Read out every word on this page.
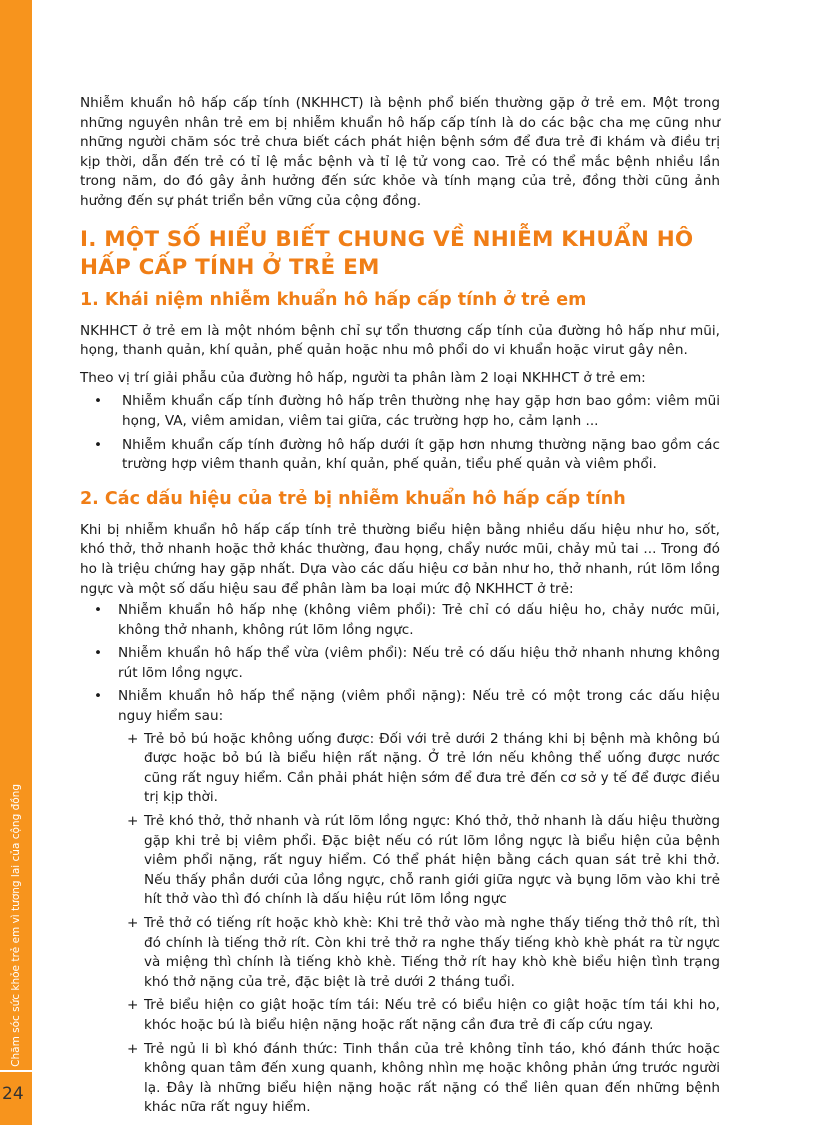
Chăm sóc sức khỏe trẻ em vì tương lai của cộng đồng
24

Nhiễm khuẩn hô hấp cấp tính (NKHHCT) là bệnh phổ biến thường gặp ở trẻ em. Một trong những nguyên nhân trẻ em bị nhiễm khuẩn hô hấp cấp tính là do các bậc cha mẹ cũng như những người chăm sóc trẻ chưa biết cách phát hiện bệnh sớm để đưa trẻ đi khám và điều trị kịp thời, dẫn đến trẻ có tỉ lệ mắc bệnh và tỉ lệ tử vong cao. Trẻ có thể mắc bệnh nhiều lần trong năm, do đó gây ảnh hưởng đến sức khỏe và tính mạng của trẻ, đồng thời cũng ảnh hưởng đến sự phát triển bền vững của cộng đồng.

I. MỘT SỐ HIỂU BIẾT CHUNG VỀ NHIỄM KHUẨN HÔ HẤP CẤP TÍNH Ở TRẺ EM
1. Khái niệm nhiễm khuẩn hô hấp cấp tính ở trẻ em

NKHHCT ở trẻ em là một nhóm bệnh chỉ sự tổn thương cấp tính của đường hô hấp như mũi, họng, thanh quản, khí quản, phế quản hoặc nhu mô phổi do vi khuẩn hoặc virut gây nên.

Theo vị trí giải phẫu của đường hô hấp, người ta phân làm 2 loại NKHHCT ở trẻ em:

• Nhiễm khuẩn cấp tính đường hô hấp trên thường nhẹ hay gặp hơn bao gồm: viêm mũi họng, VA, viêm amidan, viêm tai giữa, các trường hợp ho, cảm lạnh ...
• Nhiễm khuẩn cấp tính đường hô hấp dưới ít gặp hơn nhưng thường nặng bao gồm các trường hợp viêm thanh quản, khí quản, phế quản, tiểu phế quản và viêm phổi.
2. Các dấu hiệu của trẻ bị nhiễm khuẩn hô hấp cấp tính

Khi bị nhiễm khuẩn hô hấp cấp tính trẻ thường biểu hiện bằng nhiều dấu hiệu như ho, sốt, khó thở, thở nhanh hoặc thở khác thường, đau họng, chẩy nước mũi, chảy mủ tai ... Trong đó ho là triệu chứng hay gặp nhất. Dựa vào các dấu hiệu cơ bản như ho, thở nhanh, rút lõm lồng ngực và một số dấu hiệu sau để phân làm ba loại mức độ NKHHCT ở trẻ:

• Nhiễm khuẩn hô hấp nhẹ (không viêm phổi): Trẻ chỉ có dấu hiệu ho, chảy nước mũi, không thở nhanh, không rút lõm lồng ngực.
• Nhiễm khuẩn hô hấp thể vừa (viêm phổi): Nếu trẻ có dấu hiệu thở nhanh nhưng không rút lõm lồng ngực.
• Nhiễm khuẩn hô hấp thể nặng (viêm phổi nặng): Nếu trẻ có một trong các dấu hiệu nguy hiểm sau:
+ Trẻ bỏ bú hoặc không uống được: Đối với trẻ dưới 2 tháng khi bị bệnh mà không bú được hoặc bỏ bú là biểu hiện rất nặng. Ở trẻ lớn nếu không thể uống được nước cũng rất nguy hiểm. Cần phải phát hiện sớm để đưa trẻ đến cơ sở y tế để được điều trị kịp thời.
+ Trẻ khó thở, thở nhanh và rút lõm lồng ngực: Khó thở, thở nhanh là dấu hiệu thường gặp khi trẻ bị viêm phổi. Đặc biệt nếu có rút lõm lồng ngực là biểu hiện của bệnh viêm phổi nặng, rất nguy hiểm. Có thể phát hiện bằng cách quan sát trẻ khi thở. Nếu thấy phần dưới của lồng ngực, chỗ ranh giới giữa ngực và bụng lõm vào khi trẻ hít thở vào thì đó chính là dấu hiệu rút lõm lồng ngực
+ Trẻ thở có tiếng rít hoặc khò khè: Khi trẻ thở vào mà nghe thấy tiếng thở thô rít, thì đó chính là tiếng thở rít. Còn khi trẻ thở ra nghe thấy tiếng khò khè phát ra từ ngực và miệng thì chính là tiếng khò khè. Tiếng thở rít hay khò khè biểu hiện tình trạng khó thở nặng của trẻ, đặc biệt là trẻ dưới 2 tháng tuổi.
+ Trẻ biểu hiện co giật hoặc tím tái: Nếu trẻ có biểu hiện co giật hoặc tím tái khi ho, khóc hoặc bú là biểu hiện nặng hoặc rất nặng cần đưa trẻ đi cấp cứu ngay.
+ Trẻ ngủ li bì khó đánh thức: Tinh thần của trẻ không tỉnh táo, khó đánh thức hoặc không quan tâm đến xung quanh, không nhìn mẹ hoặc không phản ứng trước người lạ. Đây là những biểu hiện nặng hoặc rất nặng có thể liên quan đến những bệnh khác nữa rất nguy hiểm.
